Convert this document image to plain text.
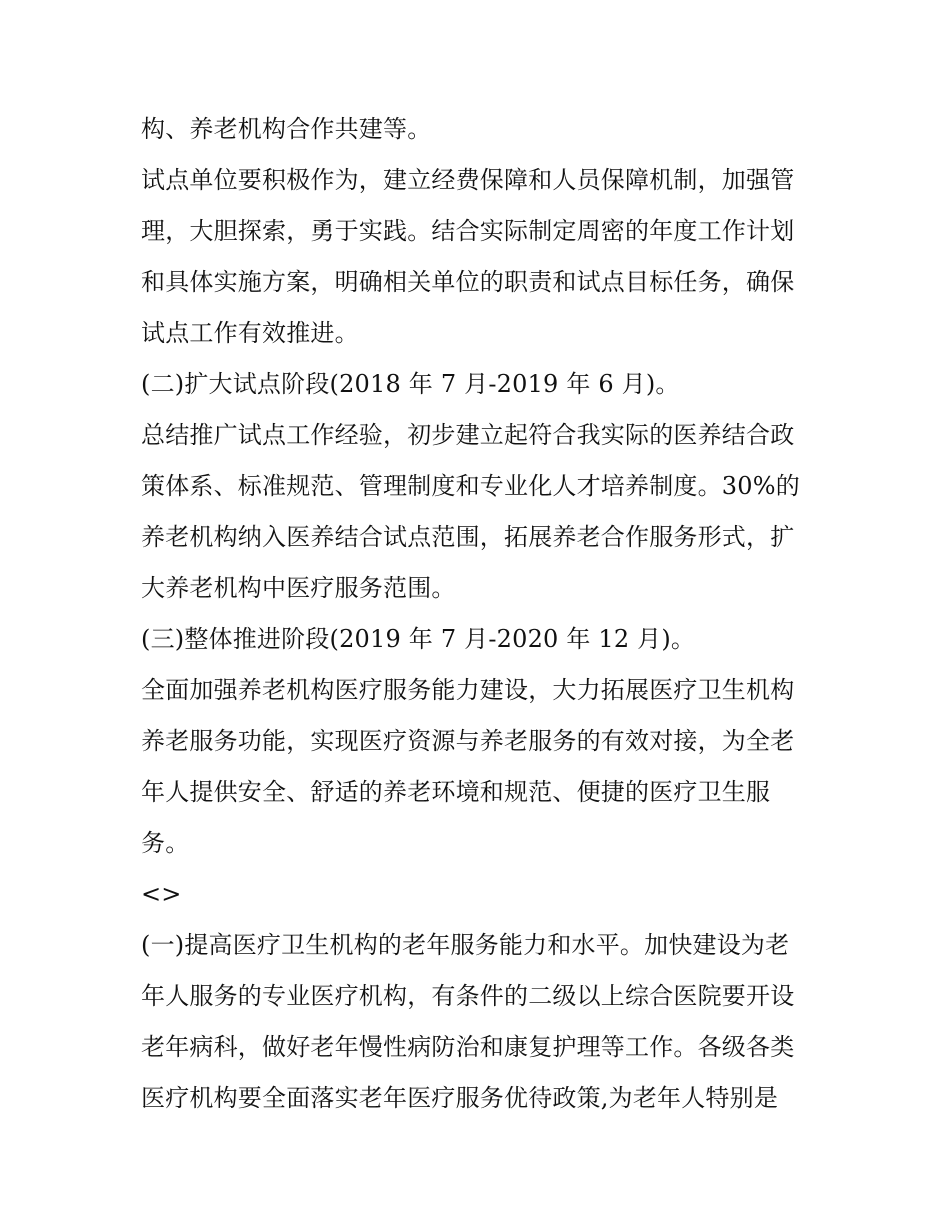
构、养老机构合作共建等。
试点单位要积极作为，建立经费保障和人员保障机制，加强管
理，大胆探索，勇于实践。结合实际制定周密的年度工作计划
和具体实施方案，明确相关单位的职责和试点目标任务，确保
试点工作有效推进。
(二)扩大试点阶段(2018 年 7 月-2019 年 6 月)。
总结推广试点工作经验，初步建立起符合我实际的医养结合政
策体系、标准规范、管理制度和专业化人才培养制度。30%的
养老机构纳入医养结合试点范围，拓展养老合作服务形式，扩
大养老机构中医疗服务范围。
(三)整体推进阶段(2019 年 7 月-2020 年 12 月)。
全面加强养老机构医疗服务能力建设，大力拓展医疗卫生机构
养老服务功能，实现医疗资源与养老服务的有效对接，为全老
年人提供安全、舒适的养老环境和规范、便捷的医疗卫生服
务。
<>
(一)提高医疗卫生机构的老年服务能力和水平。加快建设为老
年人服务的专业医疗机构，有条件的二级以上综合医院要开设
老年病科，做好老年慢性病防治和康复护理等工作。各级各类
医疗机构要全面落实老年医疗服务优待政策,为老年人特别是
